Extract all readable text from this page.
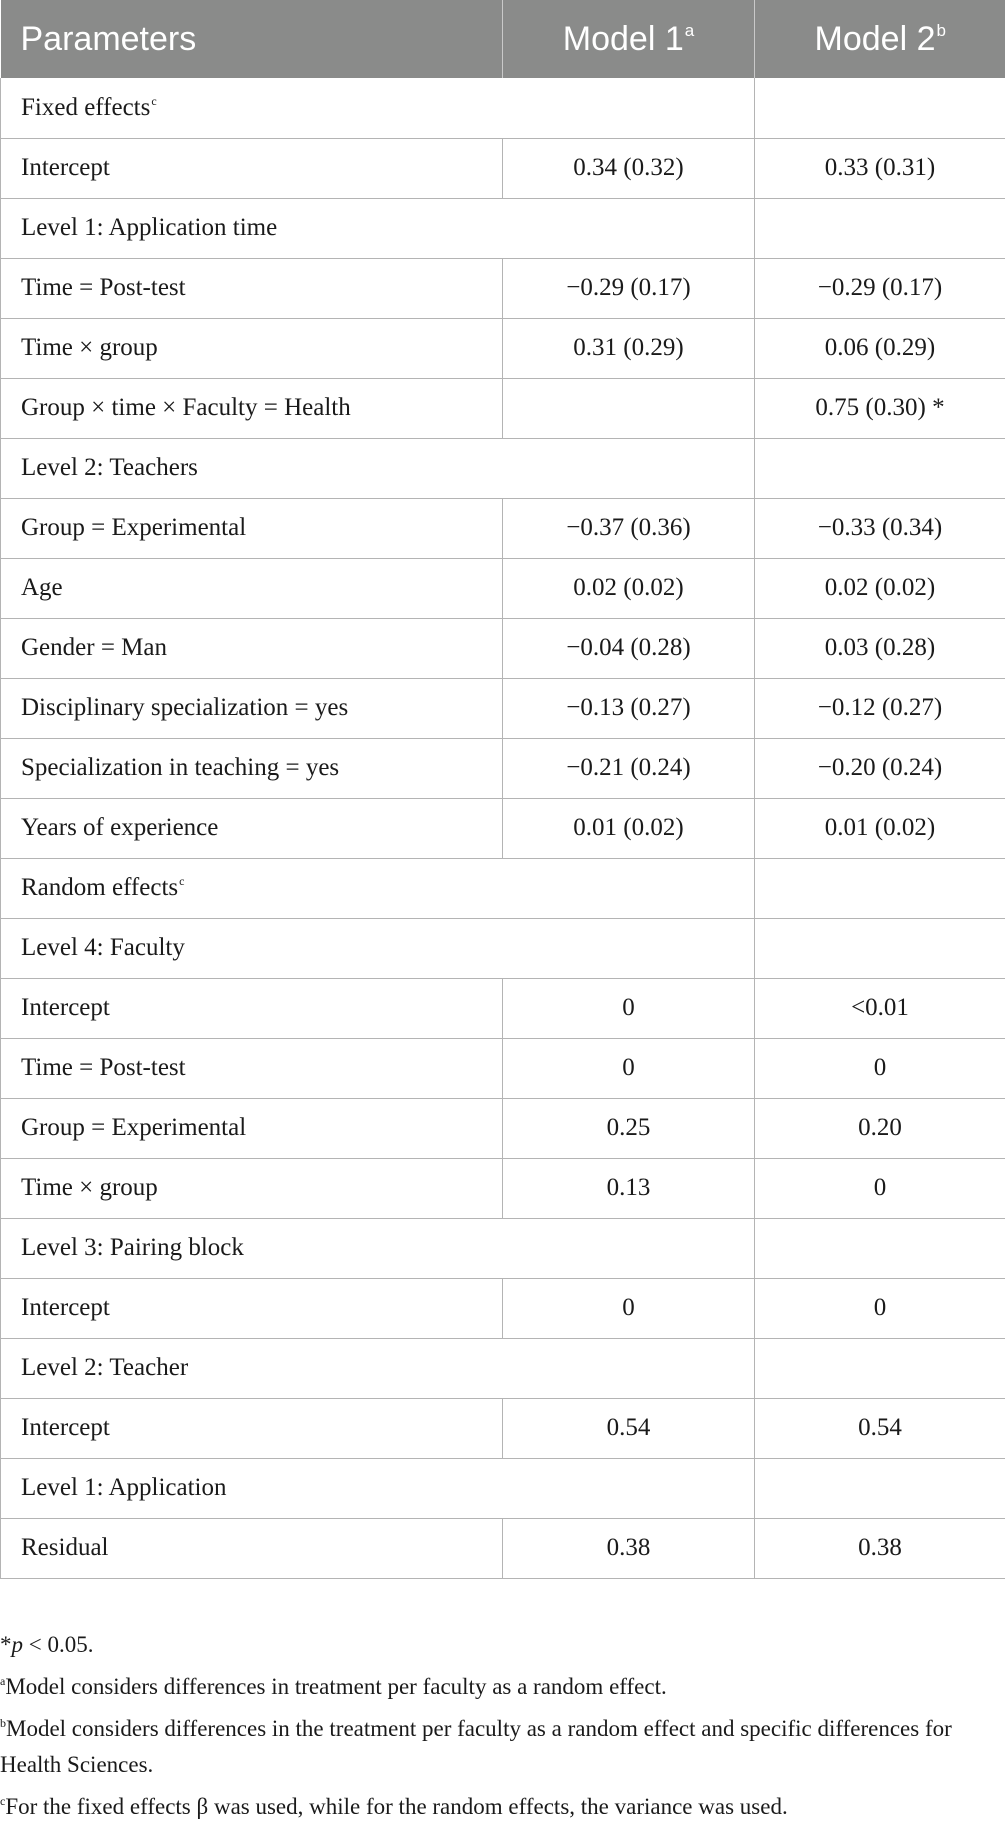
Parameters	Model 1$^a$	Model 2$^b$
Fixed effects$^c$	
Intercept	0.34 (0.32)	0.33 (0.31)
Level 1: Application time		
Time = Post-test	−0.29 (0.17)	−0.29 (0.17)
Time × group	0.31 (0.29)	0.06 (0.29)
Group × time × Faculty = Health		0.75 (0.30) *
Level 2: Teachers		
Group = Experimental	−0.37 (0.36)	−0.33 (0.34)
Age	0.02 (0.02)	0.02 (0.02)
Gender = Man	−0.04 (0.28)	0.03 (0.28)
Disciplinary specialization = yes	−0.13 (0.27)	−0.12 (0.27)
Specialization in teaching = yes	−0.21 (0.24)	−0.20 (0.24)
Years of experience	0.01 (0.02)	0.01 (0.02)
Random effects$^c$	
Level 4: Faculty		
Intercept	0	<0.01
Time = Post-test	0	0
Group = Experimental	0.25	0.20
Time × group	0.13	0
Level 3: Pairing block		
Intercept	0	0
Level 2: Teacher		
Intercept	0.54	0.54
Level 1: Application		
Residual	0.38	0.38
*p < 0.05.
$^a$Model considers differences in treatment per faculty as a random effect.
$^b$Model considers differences in the treatment per faculty as a random effect and specific differences for Health Sciences.
$^c$For the fixed effects β was used, while for the random effects, the variance was used.
